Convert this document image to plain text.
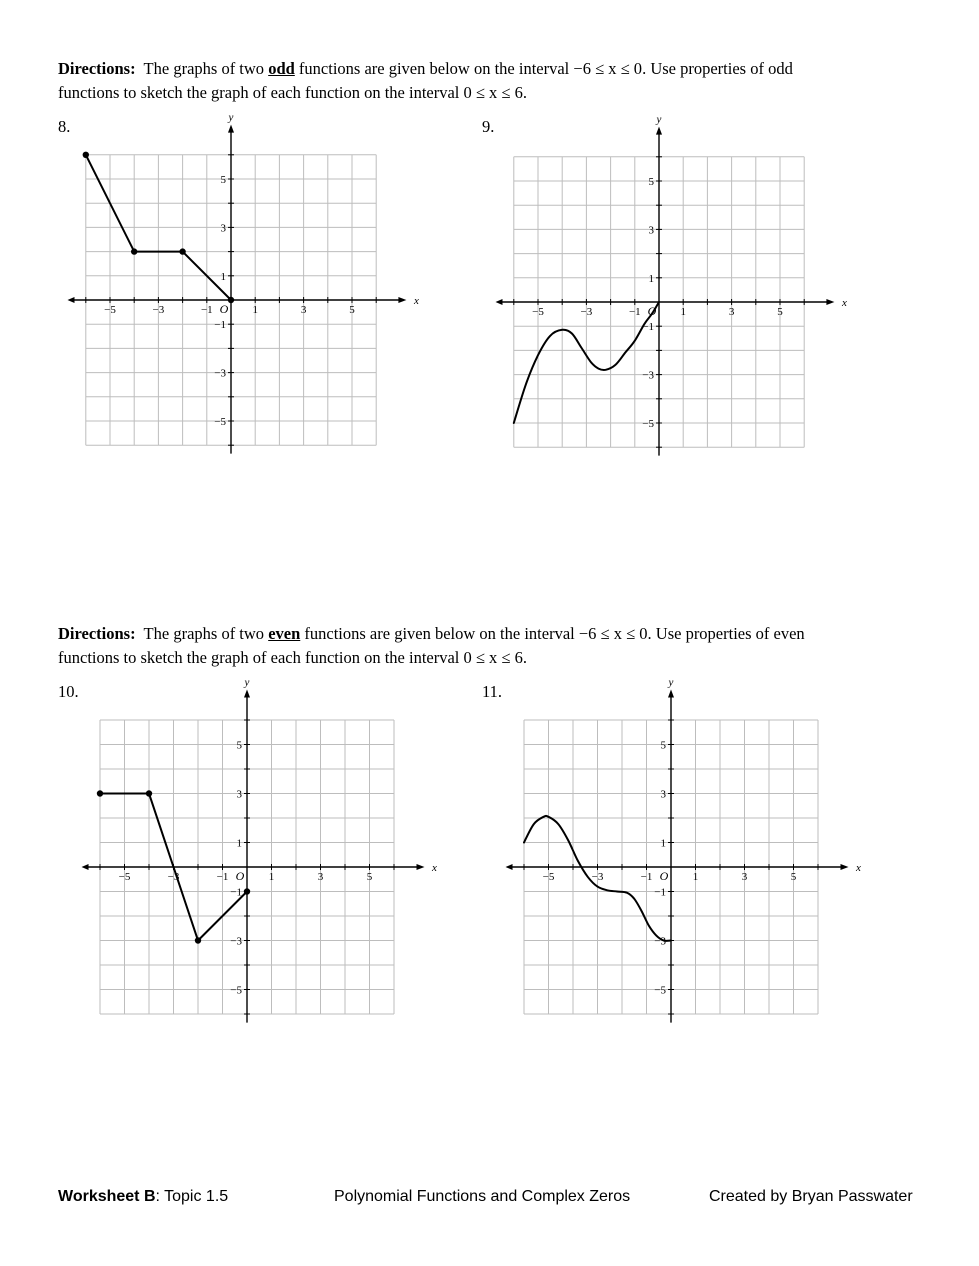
Directions: The graphs of two odd functions are given below on the interval −6 ≤ x ≤ 0. Use properties of odd
functions to sketch the graph of each function on the interval 0 ≤ x ≤ 6.
Directions: The graphs of two even functions are given below on the interval −6 ≤ x ≤ 0. Use properties of even
functions to sketch the graph of each function on the interval 0 ≤ x ≤ 6.
8.	9.
10.	11.
−5	−3	−1	1	3	5
5
3
1
−1
−3
−5
x
y
O	−5	−3	−1	1	3	5
5
3
1
−1
−3
−5
x
y
O
−5	−3	−1	1	3	5
5
3
1
−1
−3
−5
x
y
O	−5	−3	−1	1	3	5
5
3
1
−1
−3
−5
x
y
O
Worksheet B: Topic 1.5	Polynomial Functions and Complex Zeros	Created by Bryan Passwater
